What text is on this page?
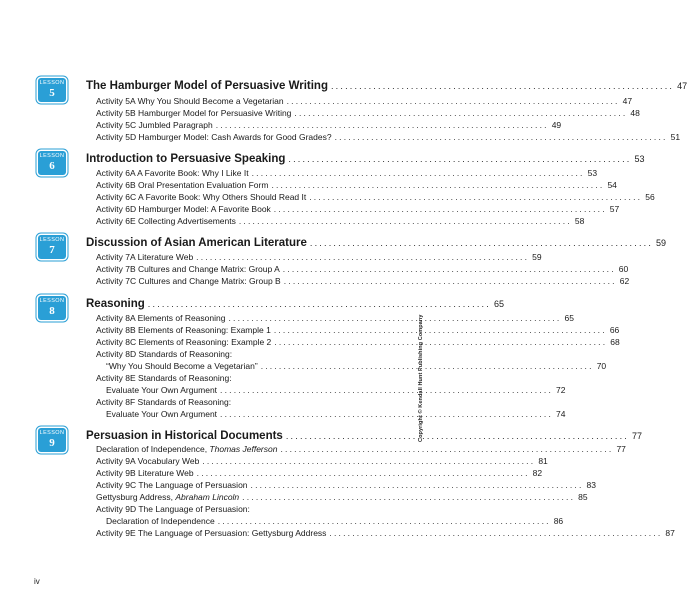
LESSON
5
The Hamburger Model of Persuasive Writing ......................................................................... 47
Activity 5A Why You Should Become a Vegetarian ......................................................................... 47
Activity 5B Hamburger Model for Persuasive Writing ......................................................................... 48
Activity 5C Jumbled Paragraph ......................................................................... 49
Activity 5D Hamburger Model: Cash Awards for Good Grades? ......................................................................... 51
LESSON
6
Introduction to Persuasive Speaking ......................................................................... 53
Activity 6A A Favorite Book: Why I Like It ......................................................................... 53
Activity 6B Oral Presentation Evaluation Form ......................................................................... 54
Activity 6C A Favorite Book: Why Others Should Read It ......................................................................... 56
Activity 6D Hamburger Model: A Favorite Book ......................................................................... 57
Activity 6E Collecting Advertisements ......................................................................... 58
LESSON
7
Discussion of Asian American Literature ......................................................................... 59
Activity 7A Literature Web ......................................................................... 59
Activity 7B Cultures and Change Matrix: Group A ......................................................................... 60
Activity 7C Cultures and Change Matrix: Group B ......................................................................... 62
LESSON
8
Reasoning ......................................................................... 65
Activity 8A Elements of Reasoning ......................................................................... 65
Activity 8B Elements of Reasoning: Example 1 ......................................................................... 66
Activity 8C Elements of Reasoning: Example 2 ......................................................................... 68
Activity 8D Standards of Reasoning:
“Why You Should Become a Vegetarian” ......................................................................... 70
Activity 8E Standards of Reasoning:
Evaluate Your Own Argument ......................................................................... 72
Activity 8F Standards of Reasoning:
Evaluate Your Own Argument ......................................................................... 74
LESSON
9
Persuasion in Historical Documents ......................................................................... 77
Declaration of Independence, Thomas Jefferson ......................................................................... 77
Activity 9A Vocabulary Web ......................................................................... 81
Activity 9B Literature Web ......................................................................... 82
Activity 9C The Language of Persuasion ......................................................................... 83
Gettysburg Address, Abraham Lincoln ......................................................................... 85
Activity 9D The Language of Persuasion:
Declaration of Independence ......................................................................... 86
Activity 9E The Language of Persuasion: Gettysburg Address ......................................................................... 87
iv
Copyright © Kendall Hunt Publishing Company
